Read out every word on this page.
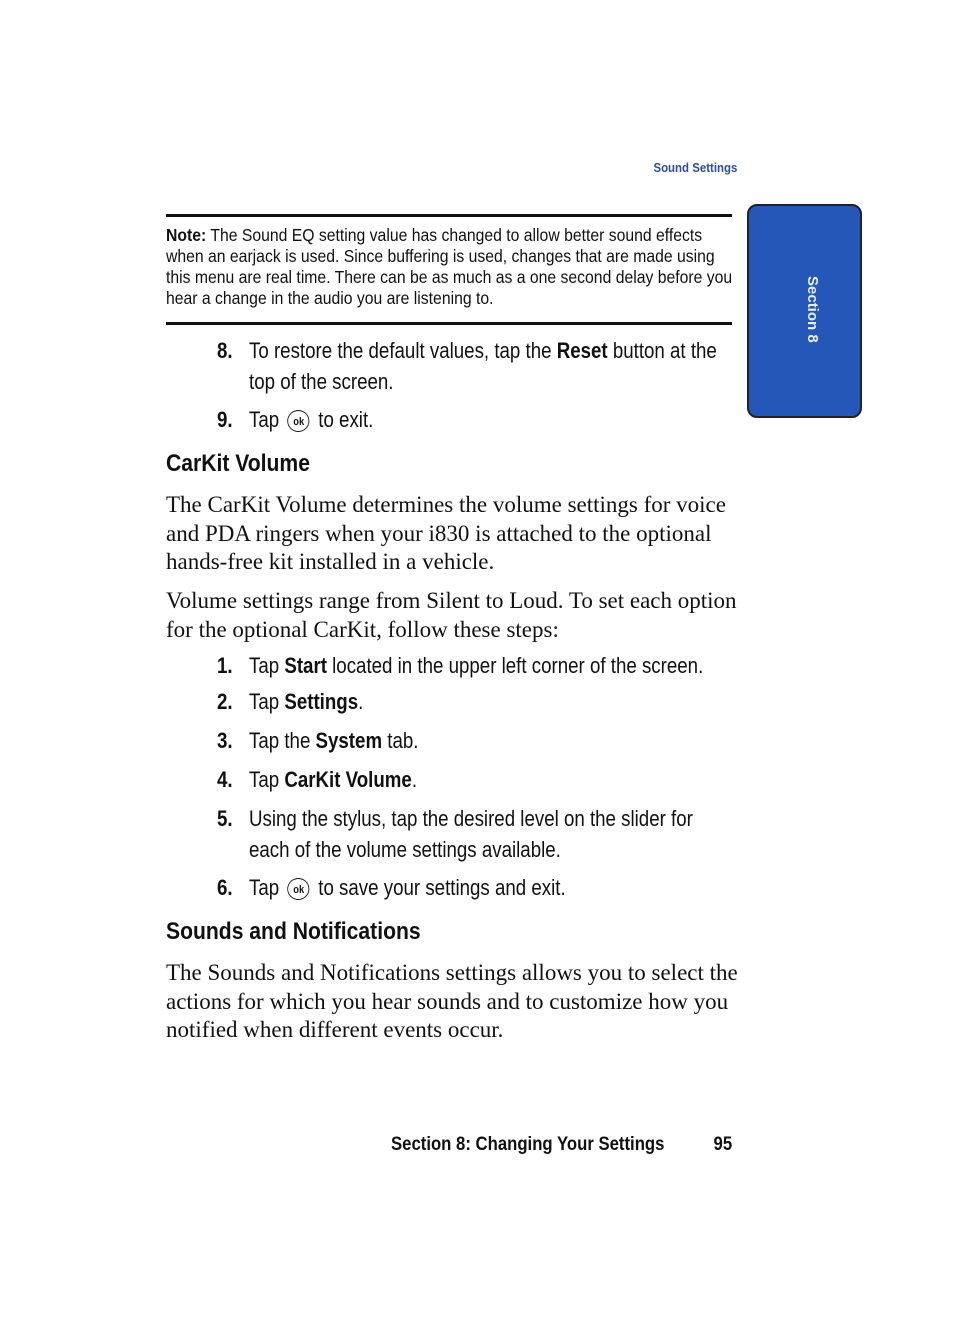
Sound Settings
Section 8

Note: The Sound EQ setting value has changed to allow better sound effects when an earjack is used. Since buffering is used, changes that are made using this menu are real time. There can be as much as a one second delay before you hear a change in the audio you are listening to.

8. To restore the default values, tap the Reset button at the top of the screen.
9. Tap ok to exit.
CarKit Volume

The CarKit Volume determines the volume settings for voice and PDA ringers when your i830 is attached to the optional hands-free kit installed in a vehicle.

Volume settings range from Silent to Loud. To set each option for the optional CarKit, follow these steps:

1. Tap Start located in the upper left corner of the screen.
2. Tap Settings.
3. Tap the System tab.
4. Tap CarKit Volume.
5. Using the stylus, tap the desired level on the slider for each of the volume settings available.
6. Tap ok to save your settings and exit.
Sounds and Notifications

The Sounds and Notifications settings allows you to select the actions for which you hear sounds and to customize how you notified when different events occur.

Section 8: Changing Your Settings	95
